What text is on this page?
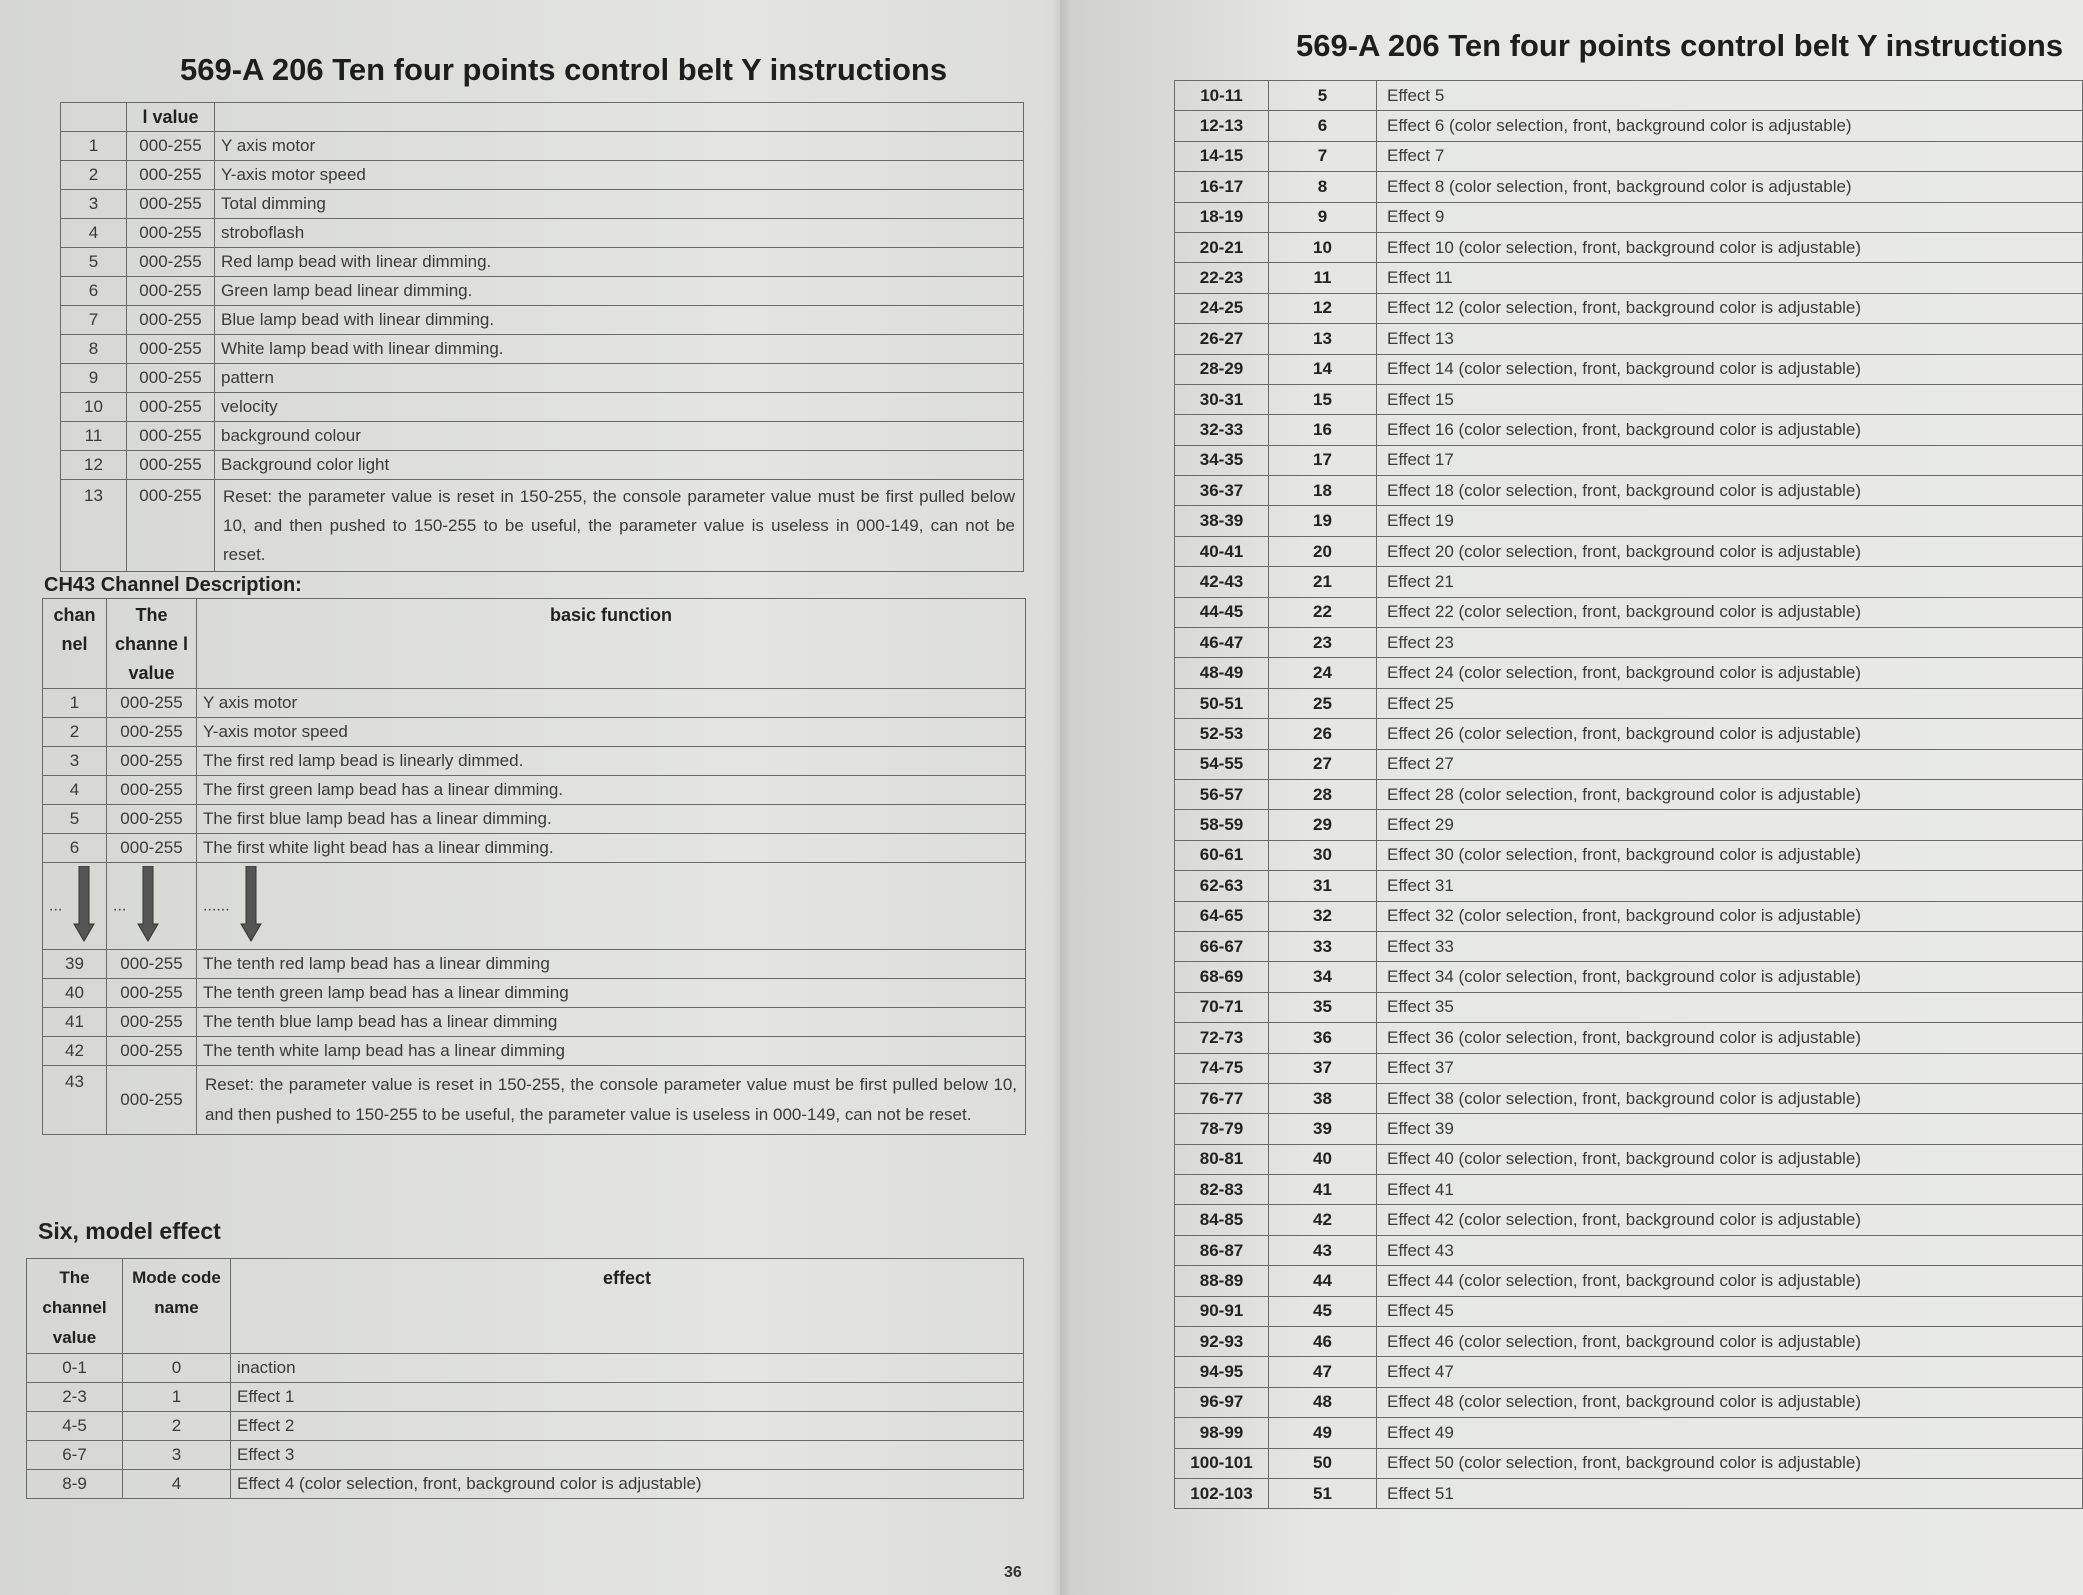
569-A 206 Ten four points control belt Y instructions
	l value	
1	000-255	Y axis motor
2	000-255	Y-axis motor speed
3	000-255	Total dimming
4	000-255	stroboflash
5	000-255	Red lamp bead with linear dimming.
6	000-255	Green lamp bead linear dimming.
7	000-255	Blue lamp bead with linear dimming.
8	000-255	White lamp bead with linear dimming.
9	000-255	pattern
10	000-255	velocity
11	000-255	background colour
12	000-255	Background color light
13	000-255	Reset: the parameter value is reset in 150-255, the console parameter value must be first pulled below 10, and then pushed to 150-255 to be useful, the parameter value is useless in 000-149, can not be reset.
CH43 Channel Description:
chan nel	The channe l value	basic function
1	000-255	Y axis motor
2	000-255	Y-axis motor speed
3	000-255	The first red lamp bead is linearly dimmed.
4	000-255	The first green lamp bead has a linear dimming.
5	000-255	The first blue lamp bead has a linear dimming.
6	000-255	The first white light bead has a linear dimming.
...	...	......
39	000-255	The tenth red lamp bead has a linear dimming
40	000-255	The tenth green lamp bead has a linear dimming
41	000-255	The tenth blue lamp bead has a linear dimming
42	000-255	The tenth white lamp bead has a linear dimming
43	000-255	Reset: the parameter value is reset in 150-255, the console parameter value must be first pulled below 10, and then pushed to 150-255 to be useful, the parameter value is useless in 000-149, can not be reset.
Six, model effect
The channel value	Mode code name	effect
0-1	0	inaction
2-3	1	Effect 1
4-5	2	Effect 2
6-7	3	Effect 3
8-9	4	Effect 4 (color selection, front, background color is adjustable)
36
569-A 206 Ten four points control belt Y instructions
10-11	5	Effect 5
12-13	6	Effect 6 (color selection, front, background color is adjustable)
14-15	7	Effect 7
16-17	8	Effect 8 (color selection, front, background color is adjustable)
18-19	9	Effect 9
20-21	10	Effect 10 (color selection, front, background color is adjustable)
22-23	11	Effect 11
24-25	12	Effect 12 (color selection, front, background color is adjustable)
26-27	13	Effect 13
28-29	14	Effect 14 (color selection, front, background color is adjustable)
30-31	15	Effect 15
32-33	16	Effect 16 (color selection, front, background color is adjustable)
34-35	17	Effect 17
36-37	18	Effect 18 (color selection, front, background color is adjustable)
38-39	19	Effect 19
40-41	20	Effect 20 (color selection, front, background color is adjustable)
42-43	21	Effect 21
44-45	22	Effect 22 (color selection, front, background color is adjustable)
46-47	23	Effect 23
48-49	24	Effect 24 (color selection, front, background color is adjustable)
50-51	25	Effect 25
52-53	26	Effect 26 (color selection, front, background color is adjustable)
54-55	27	Effect 27
56-57	28	Effect 28 (color selection, front, background color is adjustable)
58-59	29	Effect 29
60-61	30	Effect 30 (color selection, front, background color is adjustable)
62-63	31	Effect 31
64-65	32	Effect 32 (color selection, front, background color is adjustable)
66-67	33	Effect 33
68-69	34	Effect 34 (color selection, front, background color is adjustable)
70-71	35	Effect 35
72-73	36	Effect 36 (color selection, front, background color is adjustable)
74-75	37	Effect 37
76-77	38	Effect 38 (color selection, front, background color is adjustable)
78-79	39	Effect 39
80-81	40	Effect 40 (color selection, front, background color is adjustable)
82-83	41	Effect 41
84-85	42	Effect 42 (color selection, front, background color is adjustable)
86-87	43	Effect 43
88-89	44	Effect 44 (color selection, front, background color is adjustable)
90-91	45	Effect 45
92-93	46	Effect 46 (color selection, front, background color is adjustable)
94-95	47	Effect 47
96-97	48	Effect 48 (color selection, front, background color is adjustable)
98-99	49	Effect 49
100-101	50	Effect 50 (color selection, front, background color is adjustable)
102-103	51	Effect 51
